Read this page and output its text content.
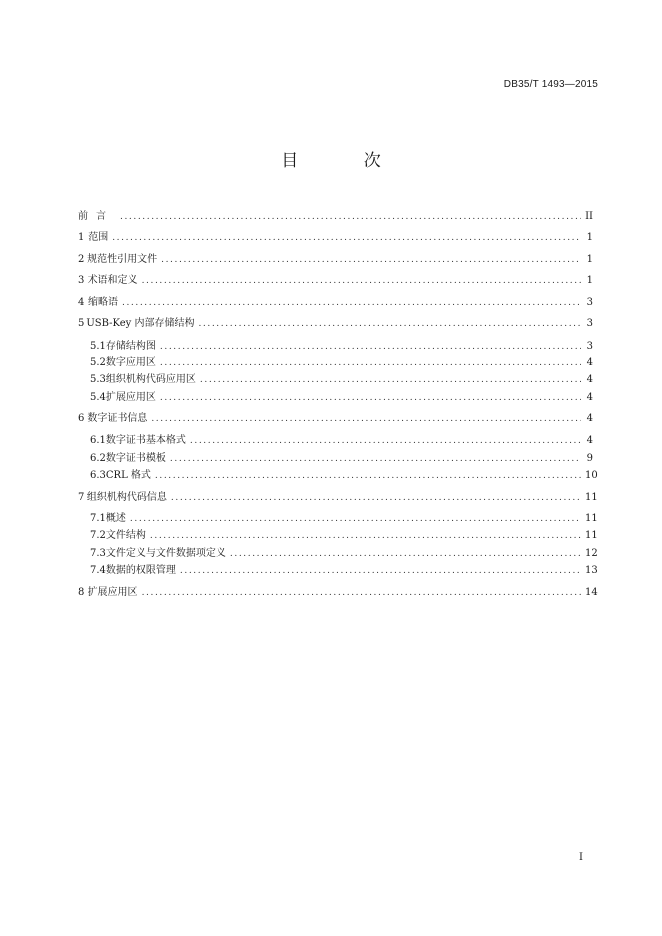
DB35/T 1493—2015
目 次
前 言 .....	II
1 范围 .....	1
2 规范性引用文件 .....	1
3 术语和定义 .....	1
4 缩略语 .....	3
5 USB-Key 内部存储结构 .....	3
5.1 存储结构图 .....	3
5.2 数字应用区 .....	4
5.3 组织机构代码应用区 .....	4
5.4 扩展应用区 .....	4
6 数字证书信息 .....	4
6.1 数字证书基本格式 .....	4
6.2 数字证书模板 .....	9
6.3 CRL 格式 .....	10
7 组织机构代码信息 .....	11
7.1 概述 .....	11
7.2 文件结构 .....	11
7.3 文件定义与文件数据项定义 .....	12
7.4 数据的权限管理 .....	13
8 扩展应用区 .....	14
I
